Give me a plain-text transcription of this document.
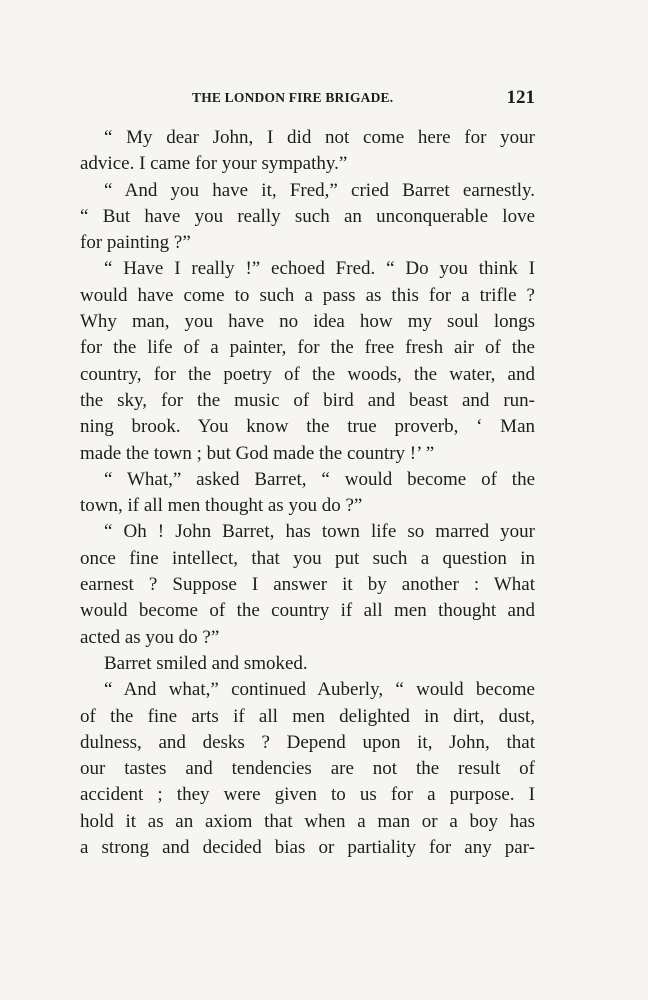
THE LONDON FIRE BRIGADE.	121
“ My dear John, I did not come here for your
advice. I came for your sympathy.”
“ And you have it, Fred,” cried Barret earnestly.
“ But have you really such an unconquerable love
for painting ?”
“ Have I really !” echoed Fred. “ Do you think I
would have come to such a pass as this for a trifle ?
Why man, you have no idea how my soul longs
for the life of a painter, for the free fresh air of the
country, for the poetry of the woods, the water, and
the sky, for the music of bird and beast and run-
ning brook. You know the true proverb, ‘ Man
made the town ; but God made the country !’ ”
“ What,” asked Barret, “ would become of the
town, if all men thought as you do ?”
“ Oh ! John Barret, has town life so marred your
once fine intellect, that you put such a question in
earnest ? Suppose I answer it by another : What
would become of the country if all men thought and
acted as you do ?”
Barret smiled and smoked.
“ And what,” continued Auberly, “ would become
of the fine arts if all men delighted in dirt, dust,
dulness, and desks ? Depend upon it, John, that
our tastes and tendencies are not the result of
accident ; they were given to us for a purpose. I
hold it as an axiom that when a man or a boy has
a strong and decided bias or partiality for any par-
